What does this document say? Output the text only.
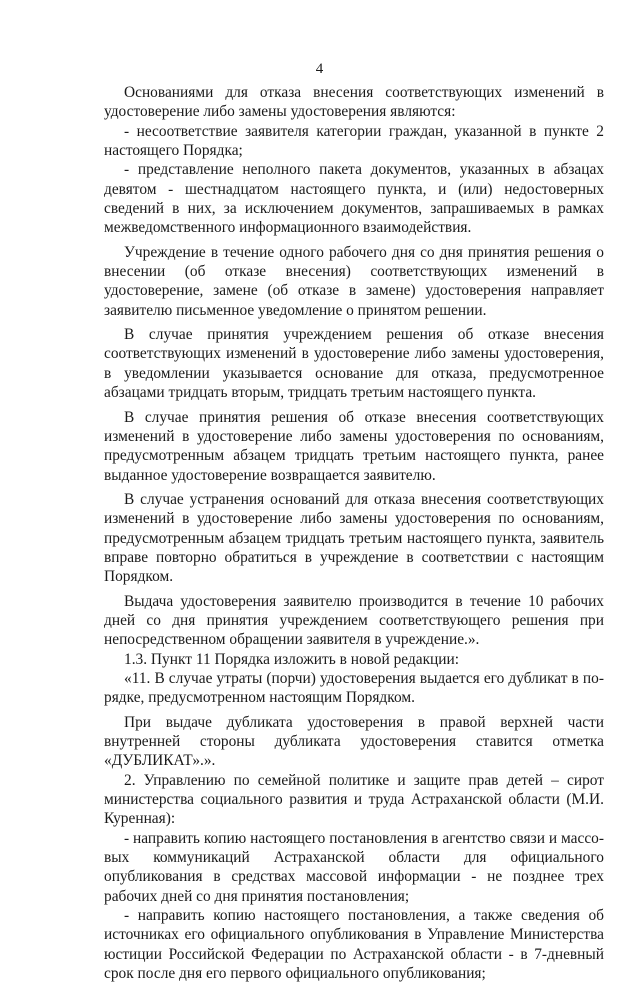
4

Основаниями для отказа внесения соответствующих изменений в удостоверение либо замены удостоверения являются:

- несоответствие заявителя категории граждан, указанной в пункте 2 настоящего Порядка;

- представление неполного пакета документов, указанных в абзацах девятом - шестнадцатом настоящего пункта, и (или) недостоверных сведений в них, за исключением документов, запрашиваемых в рамках межведомственного информационного взаимодействия.

Учреждение в течение одного рабочего дня со дня принятия решения о внесении (об отказе внесения) соответствующих изменений в удостоверение, замене (об отказе в замене) удостоверения направляет заявителю письменное уведомление о принятом решении.

В случае принятия учреждением решения об отказе внесения соответствующих изменений в удостоверение либо замены удостоверения, в уведомлении указывается основание для отказа, предусмотренное абзацами тридцать вторым, тридцать третьим настоящего пункта.

В случае принятия решения об отказе внесения соответствующих изменений в удостоверение либо замены удостоверения по основаниям, предусмотренным абзацем тридцать третьим настоящего пункта, ранее выданное удостоверение возвращается заявителю.

В случае устранения оснований для отказа внесения соответствующих изменений в удостоверение либо замены удостоверения по основаниям, предусмотренным абзацем тридцать третьим настоящего пункта, заявитель вправе повторно обратиться в учреждение в соответствии с настоящим Порядком.

Выдача удостоверения заявителю производится в течение 10 рабочих дней со дня принятия учреждением соответствующего решения при непосредственном обращении заявителя в учреждение.».

1.3. Пункт 11 Порядка изложить в новой редакции:

«11. В случае утраты (порчи) удостоверения выдается его дубликат в порядке, предусмотренном настоящим Порядком.

При выдаче дубликата удостоверения в правой верхней части внутренней стороны дубликата удостоверения ставится отметка «ДУБЛИКАТ».».

2. Управлению по семейной политике и защите прав детей – сирот министерства социального развития и труда Астраханской области (М.И. Куренная):

- направить копию настоящего постановления в агентство связи и массовых коммуникаций Астраханской области для официального опубликования в средствах массовой информации - не позднее трех рабочих дней со дня принятия постановления;

- направить копию настоящего постановления, а также сведения об источниках его официального опубликования в Управление Министерства юстиции Российской Федерации по Астраханской области - в 7-дневный срок после дня его первого официального опубликования;
